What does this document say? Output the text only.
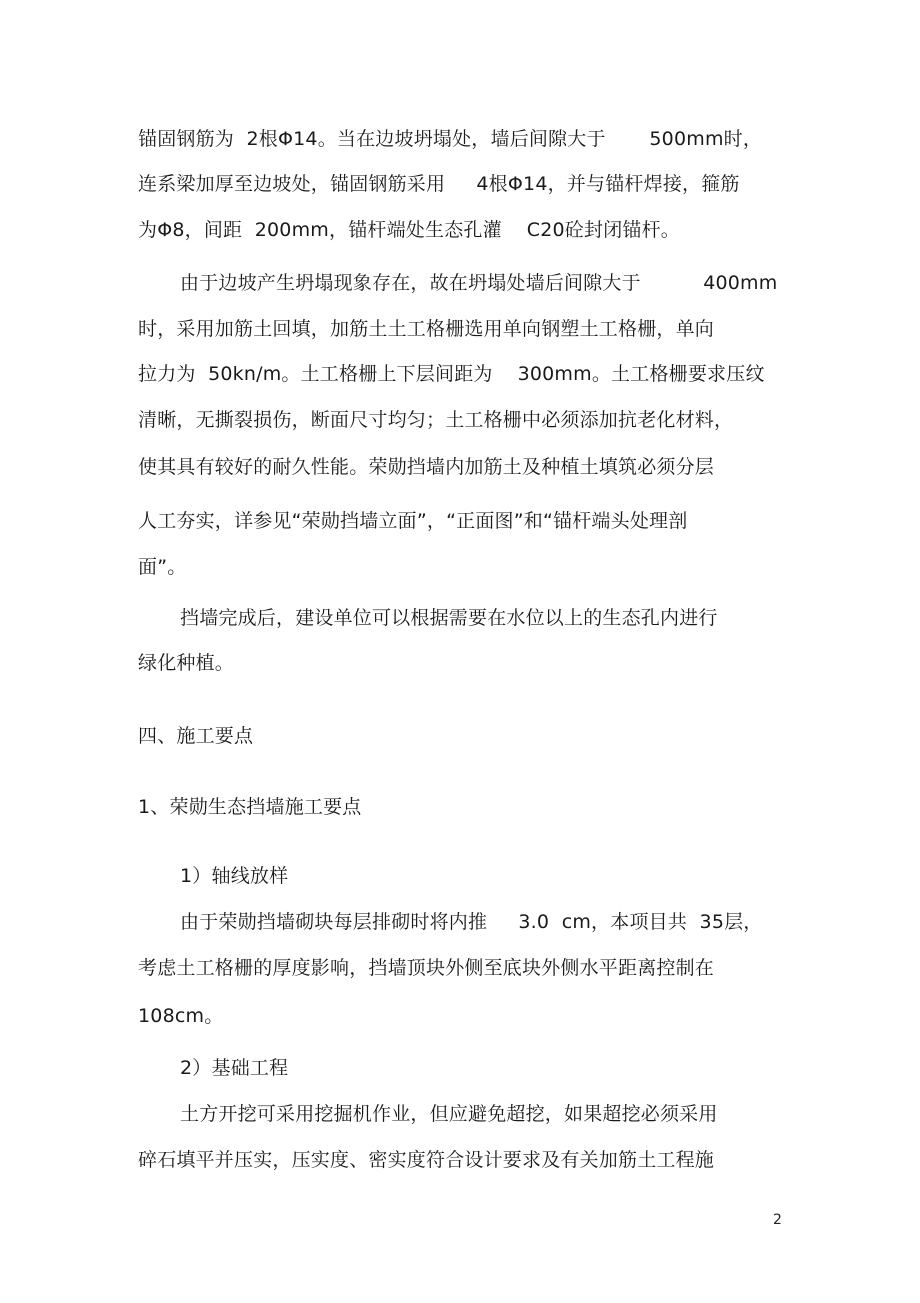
锚固钢筋为  2根Φ14。当在边坡坍塌处，墙后间隙大于       500mm时，
连系梁加厚至边坡处，锚固钢筋采用     4根Φ14，并与锚杆焊接，箍筋
为Φ8，间距  200mm，锚杆端处生态孔灌    C20砼封闭锚杆。
由于边坡产生坍塌现象存在，故在坍塌处墙后间隙大于          400mm
时，采用加筋土回填，加筋土土工格栅选用单向钢塑土工格栅，单向
拉力为  50kn/m。土工格栅上下层间距为    300mm。土工格栅要求压纹
清晰，无撕裂损伤，断面尺寸均匀；土工格栅中必须添加抗老化材料，
使其具有较好的耐久性能。荣勋挡墙内加筋土及种植土填筑必须分层
人工夯实，详参见“荣勋挡墙立面”，“正面图”和“锚杆端头处理剖
面”。
挡墙完成后，建设单位可以根据需要在水位以上的生态孔内进行
绿化种植。
四、施工要点
1、荣勋生态挡墙施工要点
1）轴线放样
由于荣勋挡墙砌块每层排砌时将内推     3.0  cm，本项目共  35层，
考虑土工格栅的厚度影响，挡墙顶块外侧至底块外侧水平距离控制在
108cm。
2）基础工程
土方开挖可采用挖掘机作业，但应避免超挖，如果超挖必须采用
碎石填平并压实，压实度、密实度符合设计要求及有关加筋土工程施
2
